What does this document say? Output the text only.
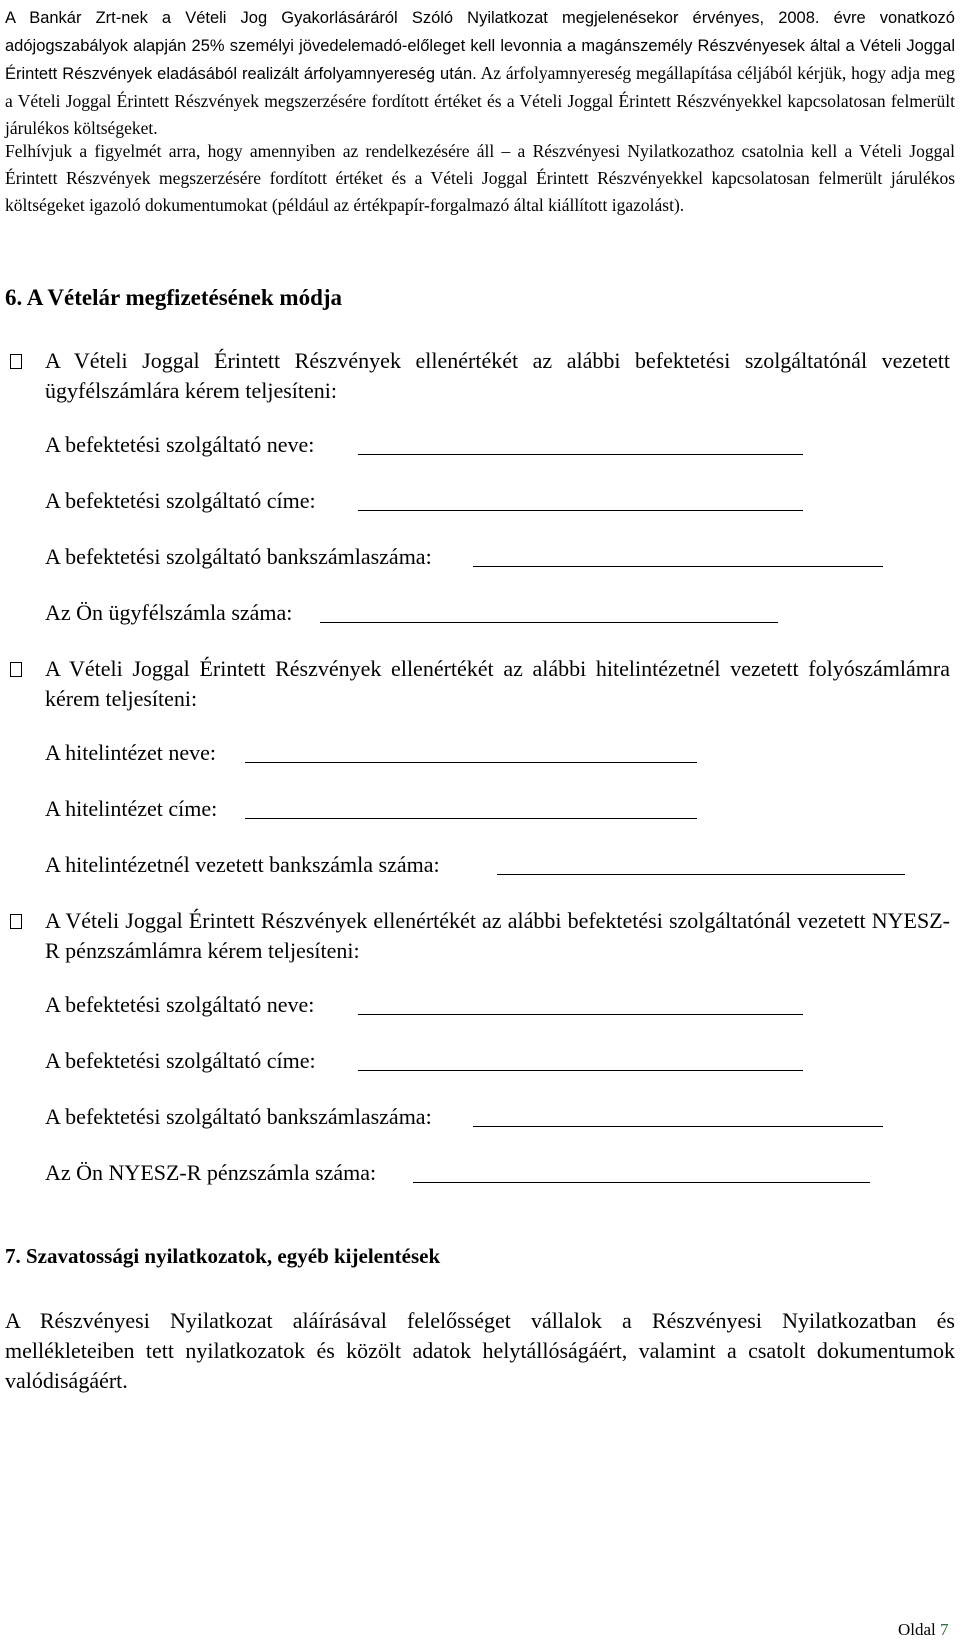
A Bankár Zrt-nek a Vételi Jog Gyakorlásáráról Szóló Nyilatkozat megjelenésekor érvényes, 2008. évre vonatkozó adójogszabályok alapján 25% személyi jövedelemadó-előleget kell levonnia a magánszemély Részvényesek által a Vételi Joggal Érintett Részvények eladásából realizált árfolyamnyereség után. Az árfolyamnyereség megállapítása céljából kérjük, hogy adja meg a Vételi Joggal Érintett Részvények megszerzésére fordított értéket és a Vételi Joggal Érintett Részvényekkel kapcsolatosan felmerült járulékos költségeket.

Felhívjuk a figyelmét arra, hogy amennyiben az rendelkezésére áll – a Részvényesi Nyilatkozathoz csatolnia kell a Vételi Joggal Érintett Részvények megszerzésére fordított értéket és a Vételi Joggal Érintett Részvényekkel kapcsolatosan felmerült járulékos költségeket igazoló dokumentumokat (például az értékpapír-forgalmazó által kiállított igazolást).

6. A Vételár megfizetésének módja
A Vételi Joggal Érintett Részvények ellenértékét az alábbi befektetési szolgáltatónál vezetett ügyfélszámlára kérem teljesíteni:
A befektetési szolgáltató neve:
A befektetési szolgáltató címe:
A befektetési szolgáltató bankszámlaszáma:
Az Ön ügyfélszámla száma:
A Vételi Joggal Érintett Részvények ellenértékét az alábbi hitelintézetnél vezetett folyószámlámra kérem teljesíteni:
A hitelintézet neve:
A hitelintézet címe:
A hitelintézetnél vezetett bankszámla száma:
A Vételi Joggal Érintett Részvények ellenértékét az alábbi befektetési szolgáltatónál vezetett NYESZ-R pénzszámlámra kérem teljesíteni:
A befektetési szolgáltató neve:
A befektetési szolgáltató címe:
A befektetési szolgáltató bankszámlaszáma:
Az Ön NYESZ-R pénzszámla száma:
7. Szavatossági nyilatkozatok, egyéb kijelentések

A Részvényesi Nyilatkozat aláírásával felelősséget vállalok a Részvényesi Nyilatkozatban és mellékleteiben tett nyilatkozatok és közölt adatok helytállóságáért, valamint a csatolt dokumentumok valódiságáért.

Oldal 7
